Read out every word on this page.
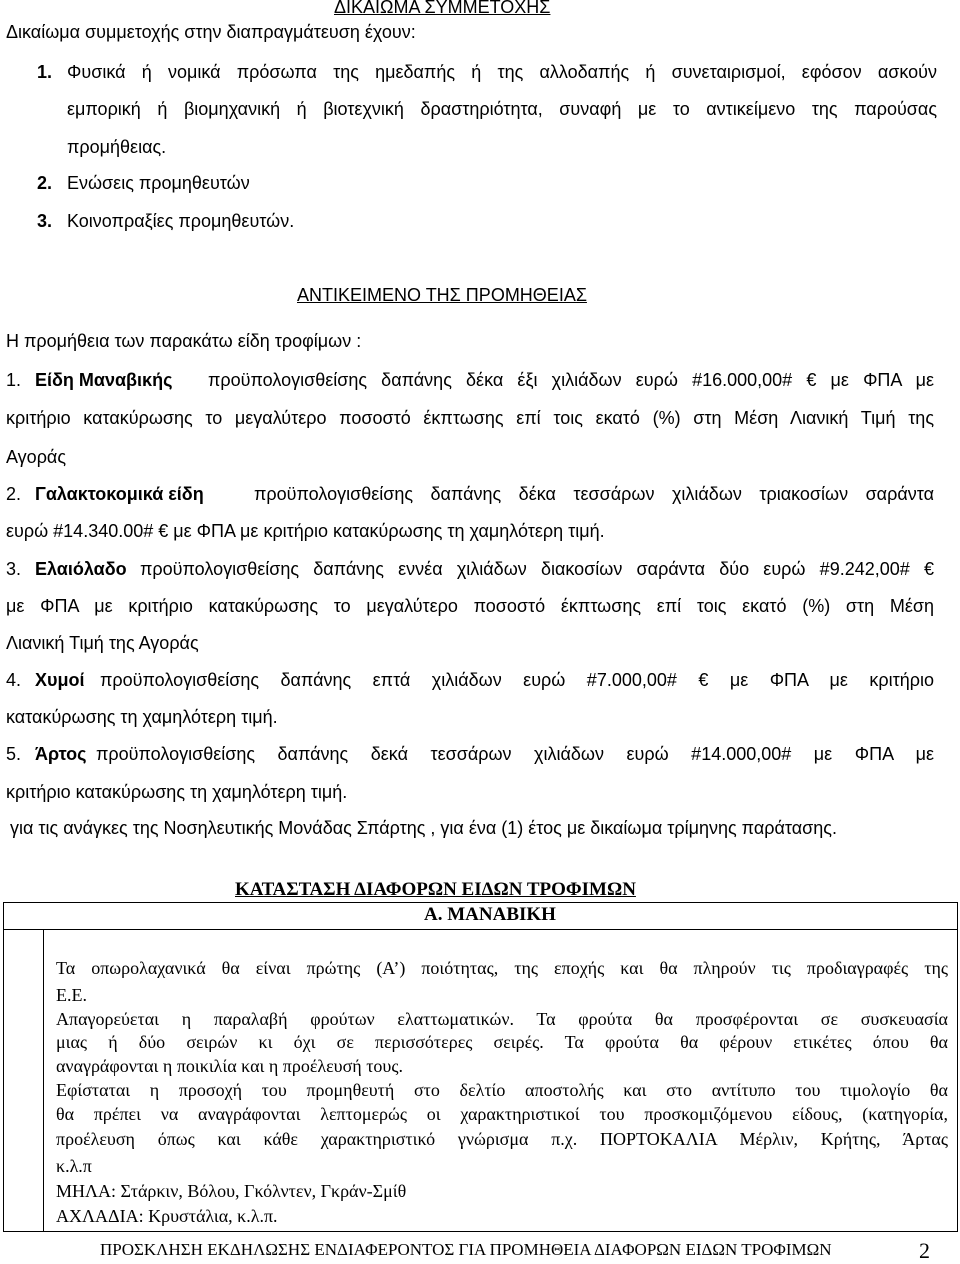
ΔΙΚΑΙΩΜΑ ΣΥΜΜΕΤΟΧΗΣ
Δικαίωμα συμμετοχής στην διαπραγμάτευση έχουν:
1. Φυσικά ή νομικά πρόσωπα της ημεδαπής ή της αλλοδαπής ή συνεταιρισμοί, εφόσον ασκούν
εμπορική ή βιομηχανική ή βιοτεχνική δραστηριότητα, συναφή με το αντικείμενο της παρούσας
προμήθειας.
2. Ενώσεις προμηθευτών
3. Κοινοπραξίες προμηθευτών.
ΑΝΤΙΚΕΙΜΕΝΟ ΤΗΣ ΠΡΟΜΗΘΕΙΑΣ
Η προμήθεια των παρακάτω είδη τροφίμων :
1. Είδη Μαναβικής προϋπολογισθείσης δαπάνης δέκα έξι χιλιάδων ευρώ #16.000,00# € με ΦΠΑ με
κριτήριο κατακύρωσης το μεγαλύτερο ποσοστό έκπτωσης επί τοις εκατό (%) στη Μέση Λιανική Τιμή της
Αγοράς
2. Γαλακτοκομικά είδη	προϋπολογισθείσης δαπάνης δέκα τεσσάρων χιλιάδων τριακοσίων σαράντα
ευρώ #14.340.00# € με ΦΠΑ με κριτήριο κατακύρωσης τη χαμηλότερη τιμή.
3. Ελαιόλαδο προϋπολογισθείσης δαπάνης εννέα χιλιάδων διακοσίων σαράντα δύο ευρώ #9.242,00# €
με ΦΠΑ με κριτήριο κατακύρωσης το μεγαλύτερο ποσοστό έκπτωσης επί τοις εκατό (%) στη Μέση
Λιανική Τιμή της Αγοράς
4. Χυμοί προϋπολογισθείσης δαπάνης επτά χιλιάδων ευρώ #7.000,00# € με ΦΠΑ με κριτήριο
κατακύρωσης τη χαμηλότερη τιμή.
5. Άρτος προϋπολογισθείσης δαπάνης δεκά τεσσάρων χιλιάδων ευρώ #14.000,00# με ΦΠΑ με
κριτήριο κατακύρωσης τη χαμηλότερη τιμή.
για τις ανάγκες της Νοσηλευτικής Μονάδας Σπάρτης , για ένα (1) έτος με δικαίωμα τρίμηνης παράτασης.
ΚΑΤΑΣΤΑΣΗ ΔΙΑΦΟΡΩΝ ΕΙΔΩΝ ΤΡΟΦΙΜΩΝ
Α. ΜΑΝΑΒΙΚΗ
Τα οπωρολαχανικά θα είναι πρώτης (Α’) ποιότητας, της εποχής και θα πληρούν τις προδιαγραφές της
Ε.Ε.
Απαγορεύεται η παραλαβή φρούτων ελαττωματικών. Τα φρούτα θα προσφέρονται σε συσκευασία
μιας ή δύο σειρών κι όχι σε περισσότερες σειρές. Τα φρούτα θα φέρουν ετικέτες όπου θα
αναγράφονται η ποικιλία και η προέλευσή τους.
Εφίσταται η προσοχή του προμηθευτή στο δελτίο αποστολής και στο αντίτυπο του τιμολογίο θα
θα πρέπει να αναγράφονται λεπτομερώς οι χαρακτηριστικοί του προσκομιζόμενου είδους, (κατηγορία,
προέλευση όπως και κάθε χαρακτηριστικό γνώρισμα π.χ. ΠΟΡΤΟΚΑΛΙΑ Μέρλιν, Κρήτης, Άρτας
κ.λ.π
ΜΗΛΑ: Στάρκιν, Βόλου, Γκόλντεν, Γκράν-Σμίθ
ΑΧΛΑΔΙΑ: Κρυστάλια, κ.λ.π.
ΠΡΟΣΚΛΗΣΗ ΕΚΔΗΛΩΣΗΣ ΕΝΔΙΑΦΕΡΟΝΤΟΣ ΓΙΑ ΠΡΟΜΗΘΕΙΑ ΔΙΑΦΟΡΩΝ ΕΙΔΩΝ ΤΡΟΦΙΜΩΝ	2
